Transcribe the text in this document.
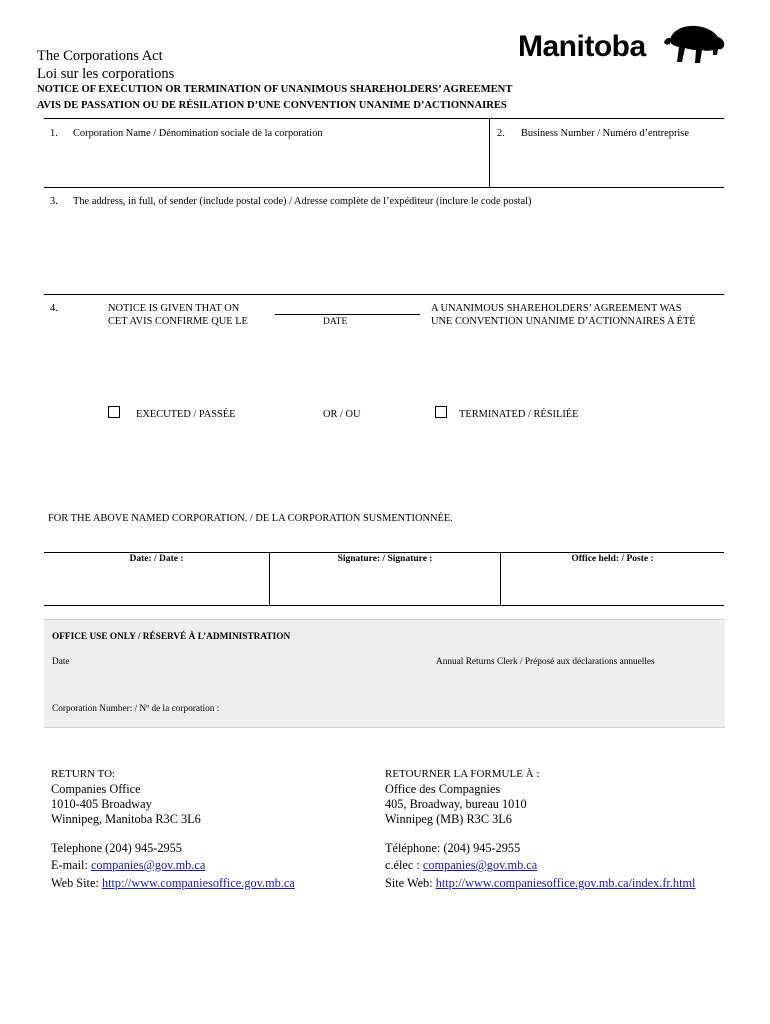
The Corporations Act
Loi sur les corporations
NOTICE OF EXECUTION OR TERMINATION OF UNANIMOUS SHAREHOLDERS’ AGREEMENT
AVIS DE PASSATION OU DE RÉSILATION D’UNE CONVENTION UNANIME D’ACTIONNAIRES
Manitoba
1. Corporation Name / Dénomination sociale de la corporation	2. Business Number / Numéro d’entreprise
3. The address, in full, of sender (include postal code) / Adresse complète de l’expéditeur (inclure le code postal)
4.	NOTICE IS GIVEN THAT ON
CET AVIS CONFIRME QUE LE	DATE
A UNANIMOUS SHAREHOLDERS’ AGREEMENT WAS
UNE CONVENTION UNANIME D’ACTIONNAIRES A ÉTÉ
EXECUTED / PASSÉE	OR / OU	TERMINATED / RÉSILIÉE
FOR THE ABOVE NAMED CORPORATION. / DE LA CORPORATION SUSMENTIONNÉE.
Date: / Date :	Signature: / Signature :	Office held: / Poste :
OFFICE USE ONLY / RÉSERVÉ À L’ADMINISTRATION
Date	Annual Returns Clerk / Préposé aux déclarations annuelles
Corporation Number: / Nº de la corporation :
RETURN TO:
Companies Office
1010-405 Broadway
Winnipeg, Manitoba R3C 3L6
Telephone (204) 945-2955
E-mail: companies@gov.mb.ca
Web Site: http://www.companiesoffice.gov.mb.ca
RETOURNER LA FORMULE À :
Office des Compagnies
405, Broadway, bureau 1010
Winnipeg (MB) R3C 3L6
Téléphone: (204) 945-2955
c.élec : companies@gov.mb.ca
Site Web: http://www.companiesoffice.gov.mb.ca/index.fr.html
